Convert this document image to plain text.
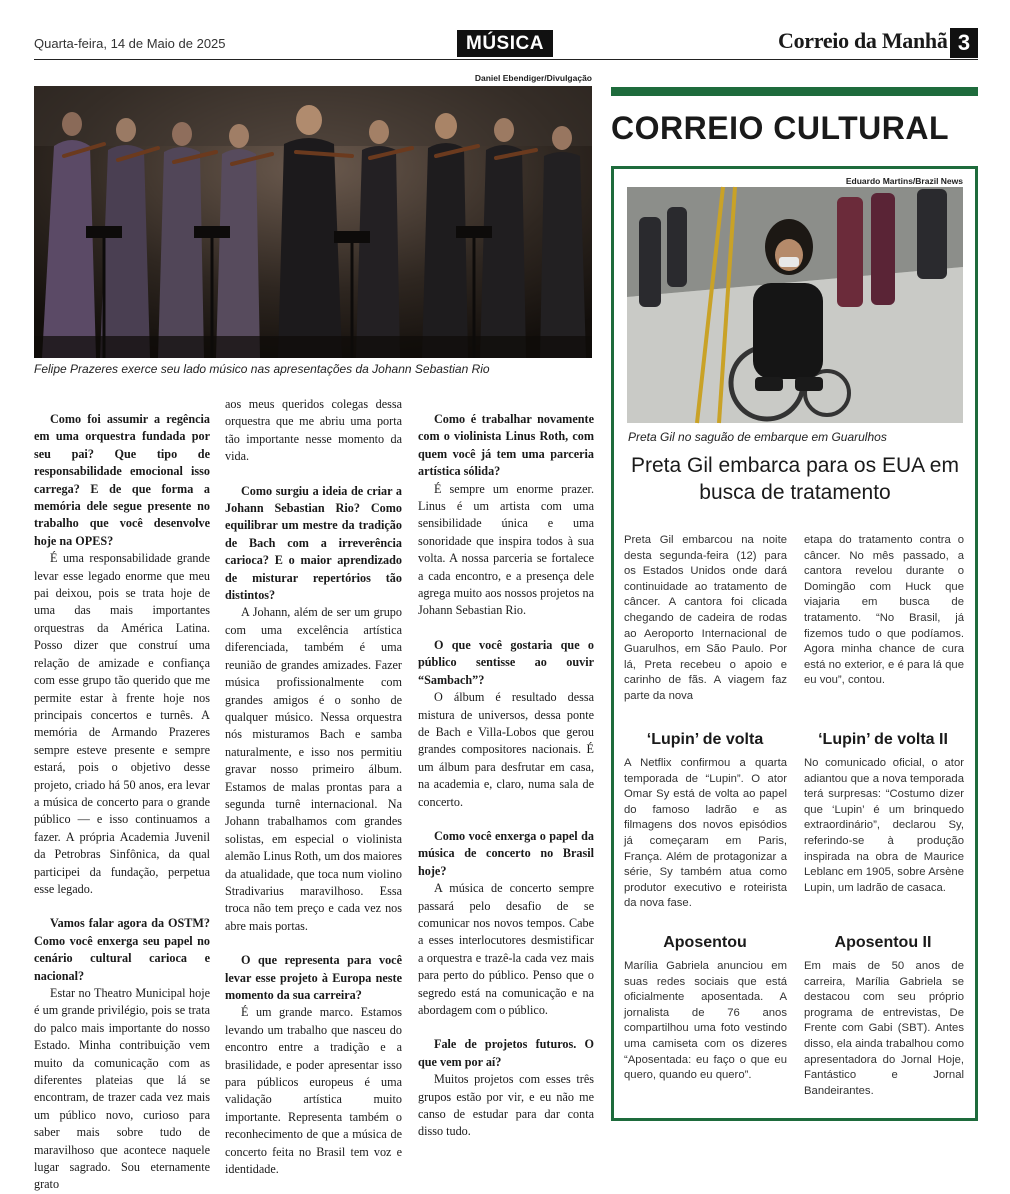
Quarta-feira, 14 de Maio de 2025	MÚSICA	Correio da Manhã 3
Daniel Ebendiger/Divulgação
Felipe Prazeres exerce seu lado músico nas apresentações da Johann Sebastian Rio

Como foi assumir a regência em uma orquestra fundada por seu pai? Que tipo de responsabilidade emocional isso carrega? E de que forma a memória dele segue presente no trabalho que você desenvolve hoje na OPES?

É uma responsabilidade grande levar esse legado enorme que meu pai deixou, pois se trata hoje de uma das mais importantes orquestras da América Latina. Posso dizer que construí uma relação de amizade e confiança com esse grupo tão querido que me permite estar à frente hoje nos principais concertos e turnês. A memória de Armando Prazeres sempre esteve presente e sempre estará, pois o objetivo desse projeto, criado há 50 anos, era levar a música de concerto para o grande público — e isso continuamos a fazer. A própria Academia Juvenil da Petrobras Sinfônica, da qual participei da fundação, perpetua esse legado.

Vamos falar agora da OSTM? Como você enxerga seu papel no cenário cultural carioca e nacional?

Estar no Theatro Municipal hoje é um grande privilégio, pois se trata do palco mais importante do nosso Estado. Minha contribuição vem muito da comunicação com as diferentes plateias que lá se encontram, de trazer cada vez mais um público novo, curioso para saber mais sobre tudo de maravilhoso que acontece naquele lugar sagrado. Sou eternamente grato

aos meus queridos colegas dessa orquestra que me abriu uma porta tão importante nesse momento da vida.

Como surgiu a ideia de criar a Johann Sebastian Rio? Como equilibrar um mestre da tradição de Bach com a irreverência carioca? E o maior aprendizado de misturar repertórios tão distintos?

A Johann, além de ser um grupo com uma excelência artística diferenciada, também é uma reunião de grandes amizades. Fazer música profissionalmente com grandes amigos é o sonho de qualquer músico. Nessa orquestra nós misturamos Bach e samba naturalmente, e isso nos permitiu gravar nosso primeiro álbum. Estamos de malas prontas para a segunda turnê internacional. Na Johann trabalhamos com grandes solistas, em especial o violinista alemão Linus Roth, um dos maiores da atualidade, que toca num violino Stradivarius maravilhoso. Essa troca não tem preço e cada vez nos abre mais portas.

O que representa para você levar esse projeto à Europa neste momento da sua carreira?

É um grande marco. Estamos levando um trabalho que nasceu do encontro entre a tradição e a brasilidade, e poder apresentar isso para públicos europeus é uma validação artística muito importante. Representa também o reconhecimento de que a música de concerto feita no Brasil tem voz e identidade.

Como é trabalhar novamente com o violinista Linus Roth, com quem você já tem uma parceria artística sólida?

É sempre um enorme prazer. Linus é um artista com uma sensibilidade única e uma sonoridade que inspira todos à sua volta. A nossa parceria se fortalece a cada encontro, e a presença dele agrega muito aos nossos projetos na Johann Sebastian Rio.

O que você gostaria que o público sentisse ao ouvir “Sambach”?

O álbum é resultado dessa mistura de universos, dessa ponte de Bach e Villa-Lobos que gerou grandes compositores nacionais. É um álbum para desfrutar em casa, na academia e, claro, numa sala de concerto.

Como você enxerga o papel da música de concerto no Brasil hoje?

A música de concerto sempre passará pelo desafio de se comunicar nos novos tempos. Cabe a esses interlocutores desmistificar a orquestra e trazê-la cada vez mais para perto do público. Penso que o segredo está na comunicação e na abordagem com o público.

Fale de projetos futuros. O que vem por aí?

Muitos projetos com esses três grupos estão por vir, e eu não me canso de estudar para dar conta disso tudo.

CORREIO CULTURAL
Eduardo Martins/Brazil News
Preta Gil no saguão de embarque em Guarulhos
Preta Gil embarca para os EUA em busca de tratamento
Preta Gil embarcou na noite desta segunda-feira (12) para os Estados Unidos onde dará continuidade ao tratamento de câncer. A cantora foi clicada chegando de cadeira de rodas ao Aeroporto Internacional de Guarulhos, em São Paulo. Por lá, Preta recebeu o apoio e carinho de fãs. A viagem faz parte da nova
etapa do tratamento contra o câncer. No mês passado, a cantora revelou durante o Domingão com Huck que viajaria em busca de tratamento. “No Brasil, já fizemos tudo o que podíamos. Agora minha chance de cura está no exterior, e é para lá que eu vou”, contou.
‘Lupin’ de volta
A Netflix confirmou a quarta temporada de “Lupin”. O ator Omar Sy está de volta ao papel do famoso ladrão e as filmagens dos novos episódios já começaram em Paris, França. Além de protagonizar a série, Sy também atua como produtor executivo e roteirista da nova fase.
‘Lupin’ de volta II
No comunicado oficial, o ator adiantou que a nova temporada terá surpresas: “Costumo dizer que ‘Lupin’ é um brinquedo extraordinário”, declarou Sy, referindo-se à produção inspirada na obra de Maurice Leblanc em 1905, sobre Arsène Lupin, um ladrão de casaca.
Aposentou
Marília Gabriela anunciou em suas redes sociais que está oficialmente aposentada. A jornalista de 76 anos compartilhou uma foto vestindo uma camiseta com os dizeres “Aposentada: eu faço o que eu quero, quando eu quero”.
Aposentou II
Em mais de 50 anos de carreira, Marília Gabriela se destacou com seu próprio programa de entrevistas, De Frente com Gabi (SBT). Antes disso, ela ainda trabalhou como apresentadora do Jornal Hoje, Fantástico e Jornal Bandeirantes.
